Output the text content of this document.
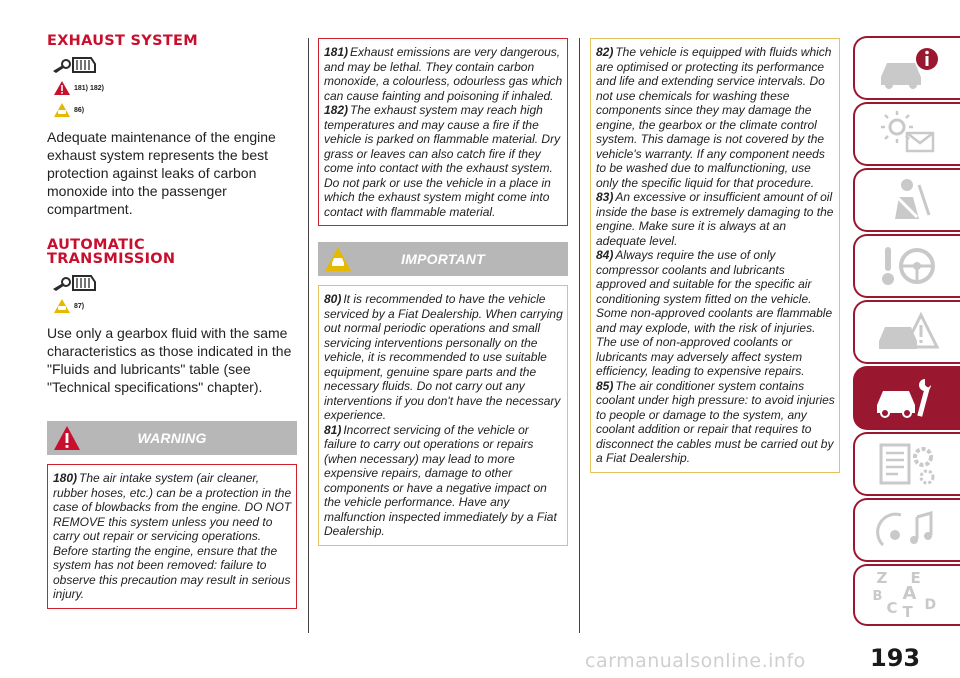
EXHAUST SYSTEM
181) 182)
86)

Adequate maintenance of the engine exhaust system represents the best protection against leaks of carbon monoxide into the passenger compartment.

AUTOMATIC
TRANSMISSION
87)

Use only a gearbox fluid with the same characteristics as those indicated in the "Fluids and lubricants" table (see "Technical specifications" chapter).

WARNING
180) The air intake system (air cleaner, rubber hoses, etc.) can be a protection in the case of blowbacks from the engine. DO NOT REMOVE this system unless you need to carry out repair or servicing operations. Before starting the engine, ensure that the system has not been removed: failure to observe this precaution may result in serious injury.
181) Exhaust emissions are very dangerous, and may be lethal. They contain carbon monoxide, a colourless, odourless gas which can cause fainting and poisoning if inhaled.
182) The exhaust system may reach high temperatures and may cause a fire if the vehicle is parked on flammable material. Dry grass or leaves can also catch fire if they come into contact with the exhaust system. Do not park or use the vehicle in a place in which the exhaust system might come into contact with flammable material.
IMPORTANT
80) It is recommended to have the vehicle serviced by a Fiat Dealership. When carrying out normal periodic operations and small servicing interventions personally on the vehicle, it is recommended to use suitable equipment, genuine spare parts and the necessary fluids. Do not carry out any interventions if you don't have the necessary experience.
81) Incorrect servicing of the vehicle or failure to carry out operations or repairs (when necessary) may lead to more expensive repairs, damage to other components or have a negative impact on the vehicle performance. Have any malfunction inspected immediately by a Fiat Dealership.
82) The vehicle is equipped with fluids which are optimised or protecting its performance and life and extending service intervals. Do not use chemicals for washing these components since they may damage the engine, the gearbox or the climate control system. This damage is not covered by the vehicle's warranty. If any component needs to be washed due to malfunctioning, use only the specific liquid for that procedure.
83) An excessive or insufficient amount of oil inside the base is extremely damaging to the engine. Make sure it is always at an adequate level.
84) Always require the use of only compressor coolants and lubricants approved and suitable for the specific air conditioning system fitted on the vehicle. Some non-approved coolants are flammable and may explode, with the risk of injuries. The use of non-approved coolants or lubricants may adversely affect system efficiency, leading to expensive repairs.
85) The air conditioner system contains coolant under high pressure: to avoid injuries to people or damage to the system, any coolant addition or repair that requires to disconnect the cables must be carried out by a Fiat Dealership.
Z E
B A
C D
T
carmanualsonline.info	193
